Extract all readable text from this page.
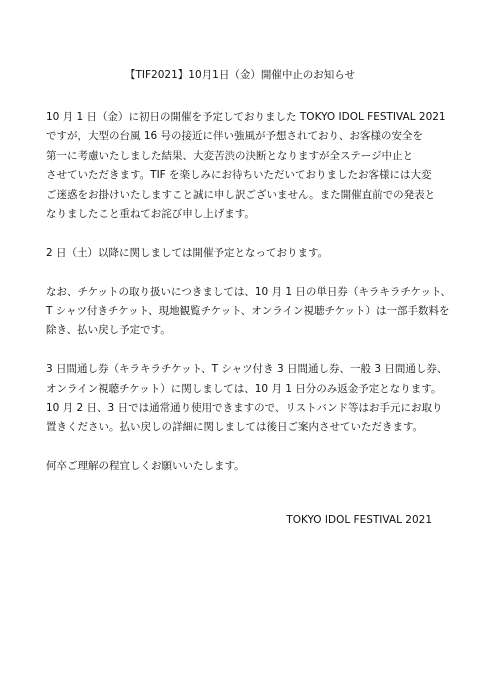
【TIF2021】10月1日（金）開催中止のお知らせ

10 月 1 日（金）に初日の開催を予定しておりました TOKYO IDOL FESTIVAL 2021
ですが，大型の台風 16 号の接近に伴い強風が予想されており、お客様の安全を
第一に考慮いたしました結果、大変苦渋の決断となりますが全ステージ中止と
させていただきます。TIF を楽しみにお待ちいただいておりましたお客様には大変
ご迷惑をお掛けいたしますこと誠に申し訳ございません。また開催直前での発表と
なりましたこと重ねてお詫び申し上げます。

2 日（土）以降に関しましては開催予定となっております。

なお、チケットの取り扱いにつきましては、10 月 1 日の単日券（キラキラチケット、
T シャツ付きチケット、現地観覧チケット、オンライン視聴チケット）は一部手数料を
除き、払い戻し予定です。

3 日間通し券（キラキラチケット、T シャツ付き 3 日間通し券、一般 3 日間通し券、
オンライン視聴チケット）に関しましては、10 月 1 日分のみ返金予定となります。
10 月 2 日、3 日では通常通り使用できますので、リストバンド等はお手元にお取り
置きください。払い戻しの詳細に関しましては後日ご案内させていただきます。

何卒ご理解の程宜しくお願いいたします。

TOKYO IDOL FESTIVAL 2021
